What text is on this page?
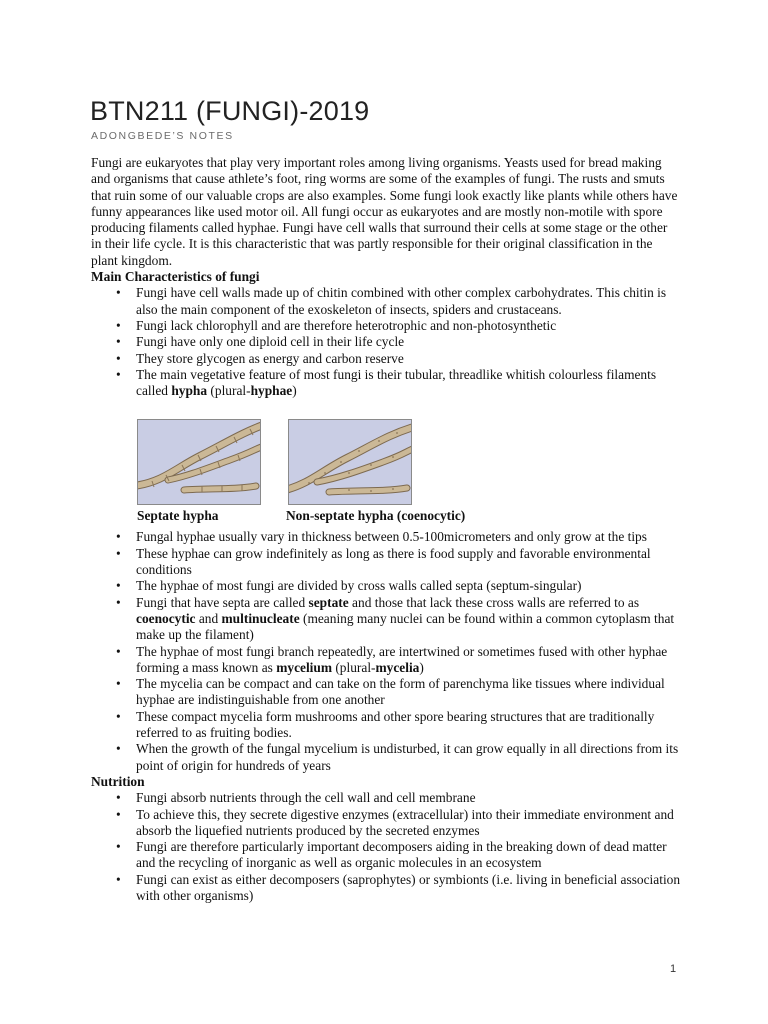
BTN211 (FUNGI)-2019
ADONGBEDE’S NOTES

Fungi are eukaryotes that play very important roles among living organisms. Yeasts used for bread making and organisms that cause athlete’s foot, ring worms are some of the examples of fungi. The rusts and smuts that ruin some of our valuable crops are also examples. Some fungi look exactly like plants while others have funny appearances like used motor oil. All fungi occur as eukaryotes and are mostly non-motile with spore producing filaments called hyphae. Fungi have cell walls that surround their cells at some stage or the other in their life cycle. It is this characteristic that was partly responsible for their original classification in the plant kingdom.

Main Characteristics of fungi

• Fungi have cell walls made up of chitin combined with other complex carbohydrates. This chitin is also the main component of the exoskeleton of insects, spiders and crustaceans.
• Fungi lack chlorophyll and are therefore heterotrophic and non-photosynthetic
• Fungi have only one diploid cell in their life cycle
• They store glycogen as energy and carbon reserve
• The main vegetative feature of most fungi is their tubular, threadlike whitish colourless filaments called hypha (plural-hyphae)
Septate hypha	Non-septate hypha (coenocytic)
• Fungal hyphae usually vary in thickness between 0.5-100micrometers and only grow at the tips
• These hyphae can grow indefinitely as long as there is food supply and favorable environmental conditions
• The hyphae of most fungi are divided by cross walls called septa (septum-singular)
• Fungi that have septa are called septate and those that lack these cross walls are referred to as coenocytic and multinucleate (meaning many nuclei can be found within a common cytoplasm that make up the filament)
• The hyphae of most fungi branch repeatedly, are intertwined or sometimes fused with other hyphae forming a mass known as mycelium (plural-mycelia)
• The mycelia can be compact and can take on the form of parenchyma like tissues where individual hyphae are indistinguishable from one another
• These compact mycelia form mushrooms and other spore bearing structures that are traditionally referred to as fruiting bodies.
• When the growth of the fungal mycelium is undisturbed, it can grow equally in all directions from its point of origin for hundreds of years

Nutrition

• Fungi absorb nutrients through the cell wall and cell membrane
• To achieve this, they secrete digestive enzymes (extracellular) into their immediate environment and absorb the liquefied nutrients produced by the secreted enzymes
• Fungi are therefore particularly important decomposers aiding in the breaking down of dead matter and the recycling of inorganic as well as organic molecules in an ecosystem
• Fungi can exist as either decomposers (saprophytes) or symbionts (i.e. living in beneficial association with other organisms)
1
